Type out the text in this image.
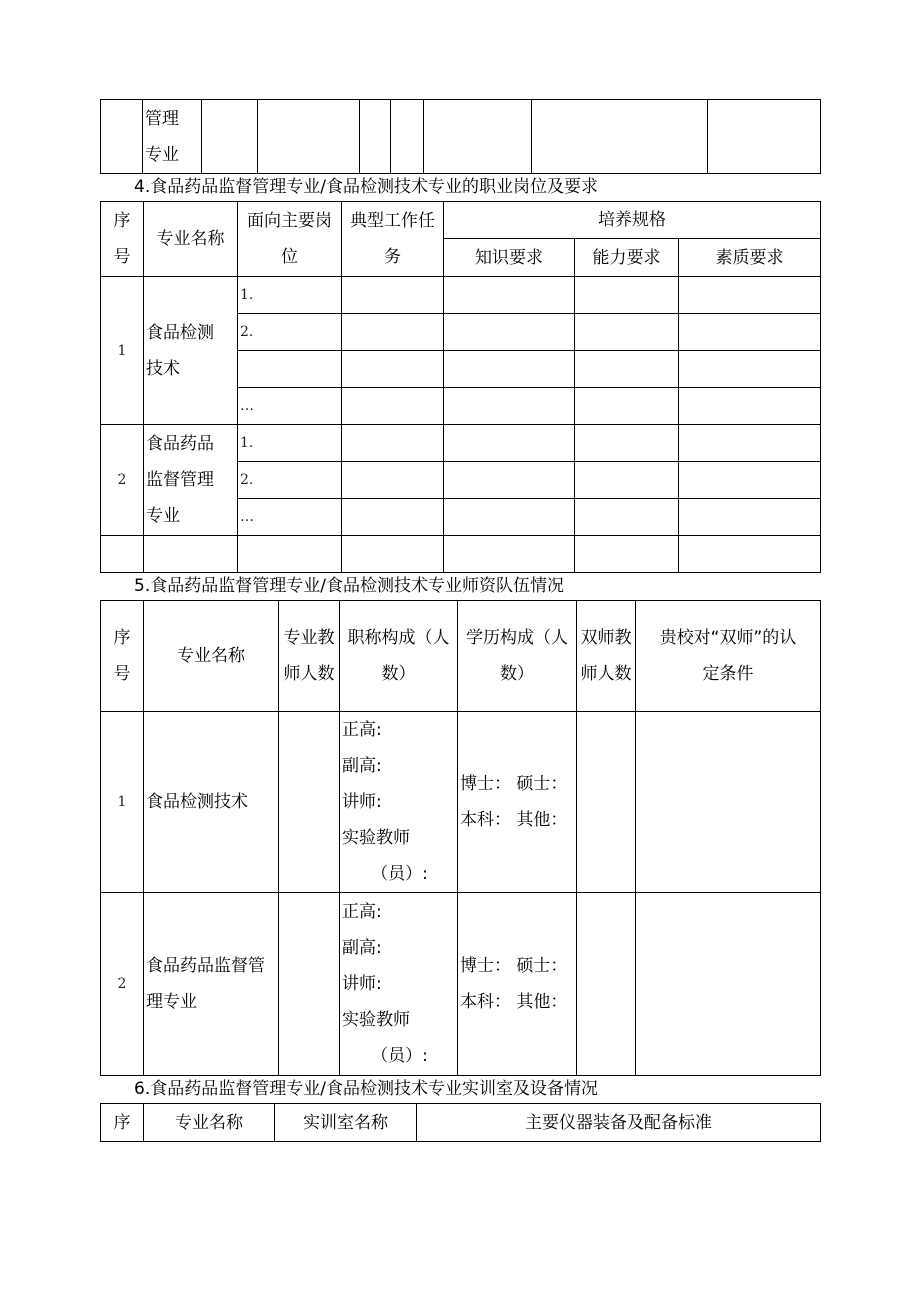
管理
专业

4.食品药品监督管理专业/食品检测技术专业的职业岗位及要求
序
号	专业名称	面向主要岗
位	典型工作任
务	培养规格		
				知识要求	能力要求	素质要求
1	食品检测
技术	1.				
		2.				

		…				
2	食品药品
监督管理
专业	1.				
		2.				
		…				

5.食品药品监督管理专业/食品检测技术专业师资队伍情况
序
号	专业名称	专业教
师人数	职称构成（人
数）	学历构成（人
数）	双师教
师人数	贵校对“双师”的认
定条件

1	食品检测技术		正高:
副高:
讲师:
实验教师
（员）:	博士： 硕士：
本科： 其他：		

2	食品药品监督管
理专业		正高:
副高:
讲师:
实验教师
（员）:	博士： 硕士：
本科： 其他：		

6.食品药品监督管理专业/食品检测技术专业实训室及设备情况
序	专业名称	实训室名称	主要仪器装备及配备标准
